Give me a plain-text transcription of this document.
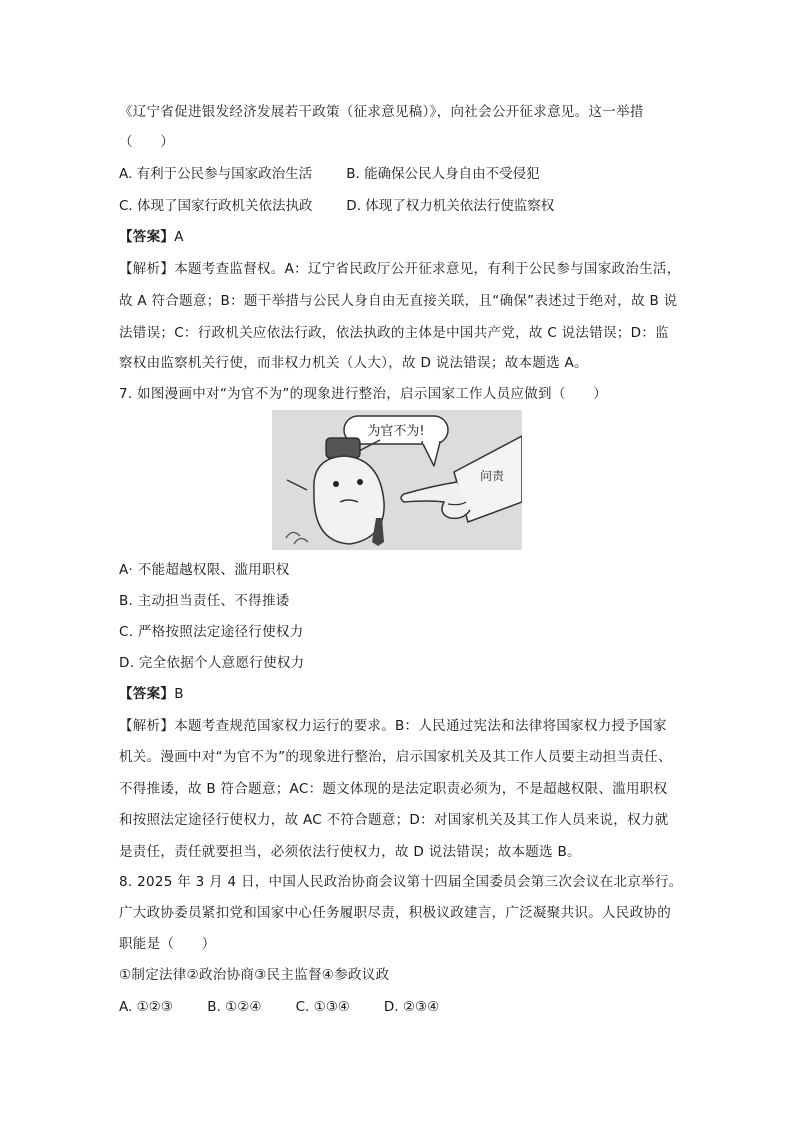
《辽宁省促进银发经济发展若干政策（征求意见稿）》，向社会公开征求意见。这一举措
（　　）
A. 有利于公民参与国家政治生活	B. 能确保公民人身自由不受侵犯
C. 体现了国家行政机关依法执政	D. 体现了权力机关依法行使监察权
【答案】A
【解析】本题考查监督权。A：辽宁省民政厅公开征求意见，有利于公民参与国家政治生活，
故 A 符合题意；B：题干举措与公民人身自由无直接关联，且“确保”表述过于绝对，故 B 说
法错误；C：行政机关应依法行政，依法执政的主体是中国共产党，故 C 说法错误；D：监
察权由监察机关行使，而非权力机关（人大），故 D 说法错误；故本题选 A。
7. 如图漫画中对“为官不为”的现象进行整治，启示国家工作人员应做到（　　）
为官不为!
问责
A· 不能超越权限、滥用职权
B. 主动担当责任、不得推诿
C. 严格按照法定途径行使权力
D. 完全依据个人意愿行使权力
【答案】B
【解析】本题考查规范国家权力运行的要求。B：人民通过宪法和法律将国家权力授予国家
机关。漫画中对“为官不为”的现象进行整治，启示国家机关及其工作人员要主动担当责任、
不得推诿，故 B 符合题意；AC：题文体现的是法定职责必须为，不是超越权限、滥用职权
和按照法定途径行使权力，故 AC 不符合题意；D：对国家机关及其工作人员来说，权力就
是责任，责任就要担当，必须依法行使权力，故 D 说法错误；故本题选 B。
8. 2025 年 3 月 4 日，中国人民政治协商会议第十四届全国委员会第三次会议在北京举行。
广大政协委员紧扣党和国家中心任务履职尽责，积极议政建言，广泛凝聚共识。人民政协的
职能是（　　）
①制定法律②政治协商③民主监督④参政议政
A. ①②③	B. ①②④	C. ①③④	D. ②③④
